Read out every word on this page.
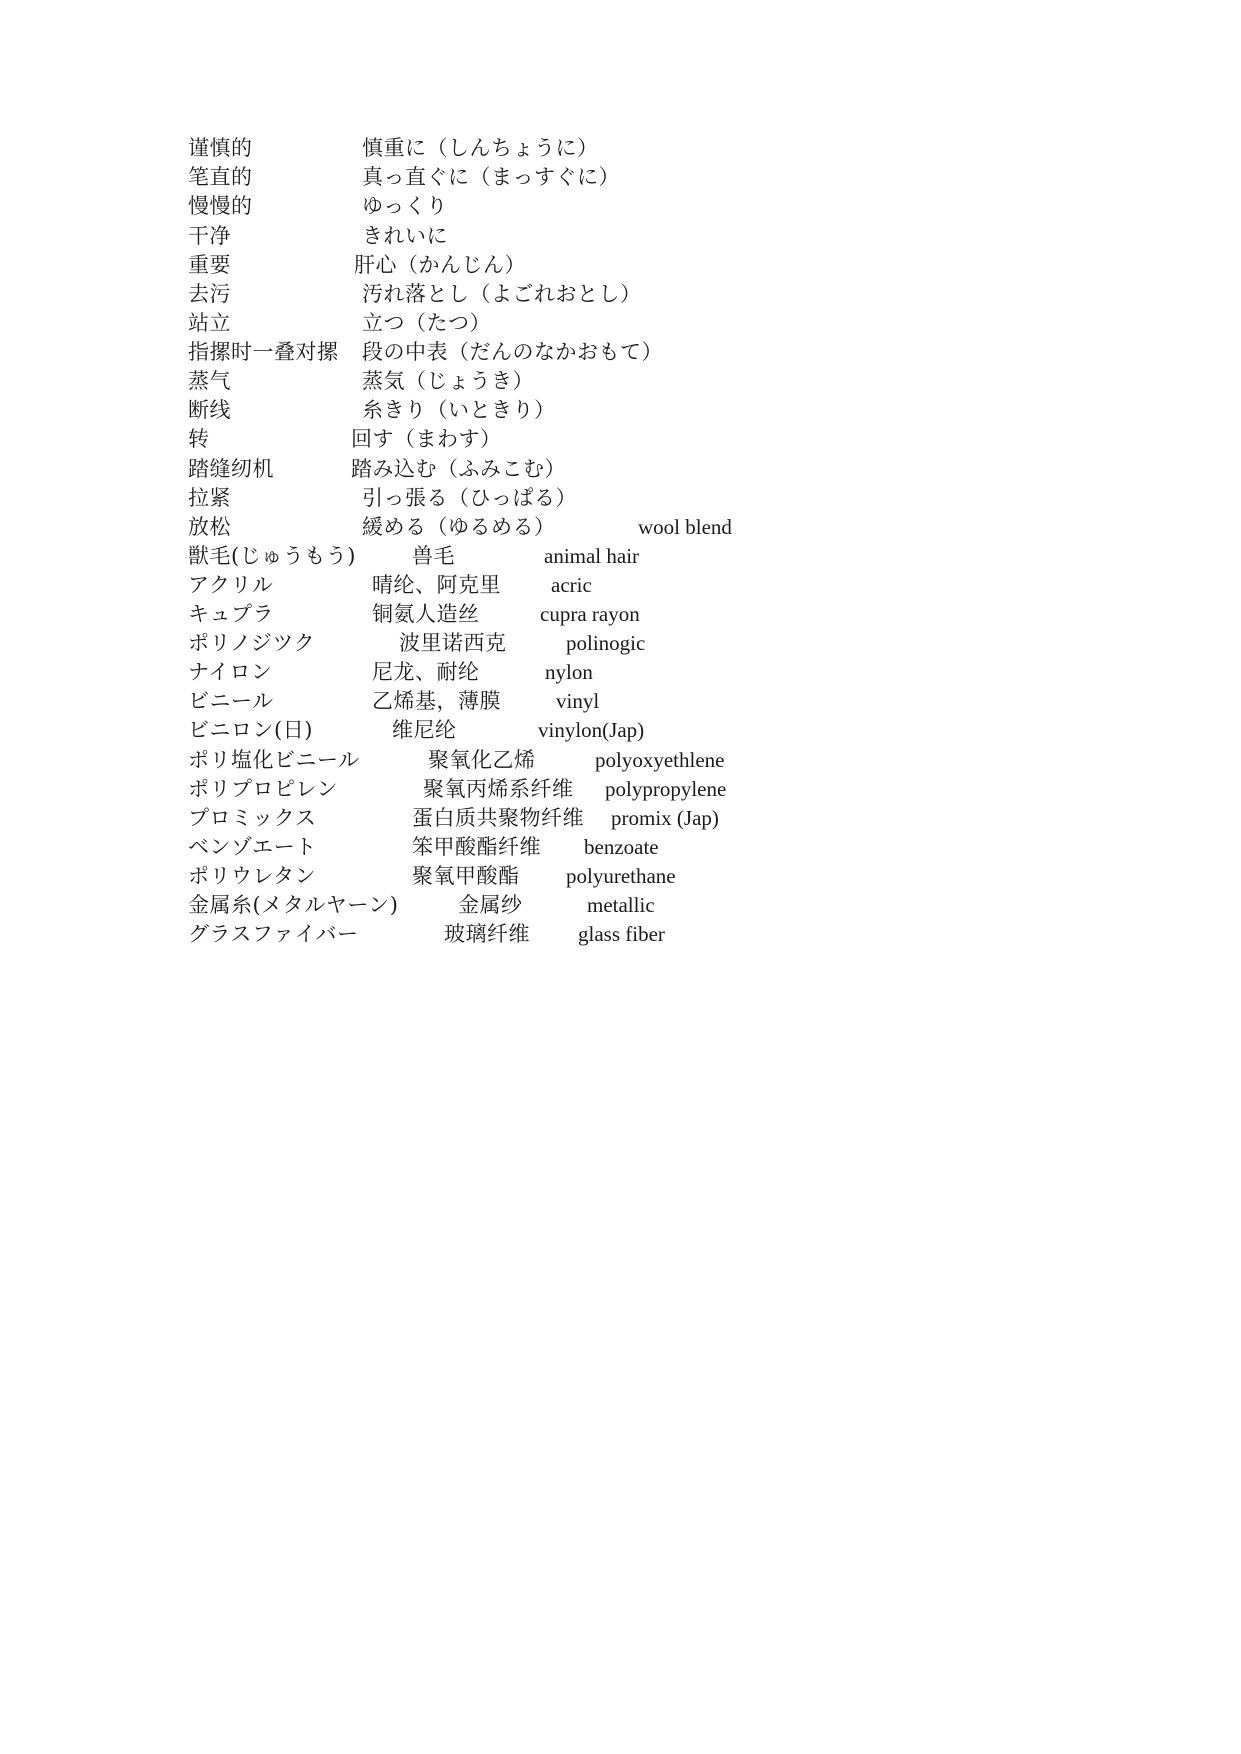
谨慎的	慎重に（しんちょうに）
笔直的	真っ直ぐに（まっすぐに）
慢慢的	ゆっくり
干净	きれいに
重要	肝心（かんじん）
去污	汚れ落とし（よごれおとし）
站立	立つ（たつ）
指摞时一叠对摞 段の中表（だんのなかおもて）
蒸气	蒸気（じょうき）
断线	糸きり（いときり）
转	回す（まわす）
踏缝纫机	踏み込む（ふみこむ）
拉紧	引っ張る（ひっぱる）
放松	緩める（ゆるめる）	wool blend
獣毛(じゅうもう)	兽毛	animal hair
アクリル	晴纶、阿克里 acric
キュプラ	铜氨人造丝	cupra rayon
ポリノジツク	波里诺西克	polinogic
ナイロン	尼龙、耐纶	nylon
ビニール	乙烯基，薄膜	vinyl
ビニロン(日)	维尼纶	vinylon(Jap)
ポリ塩化ビニール	聚氧化乙烯	polyoxyethlene
ポリプロピレン	聚氧丙烯系纤维 polypropylene
プロミックス	蛋白质共聚物纤维 promix (Jap)
ベンゾエート	笨甲酸酯纤维 benzoate
ポリウレタン	聚氧甲酸酯 polyurethane
金属糸(メタルヤーン)	金属纱	metallic
グラスファイバー	玻璃纤维 glass fiber
